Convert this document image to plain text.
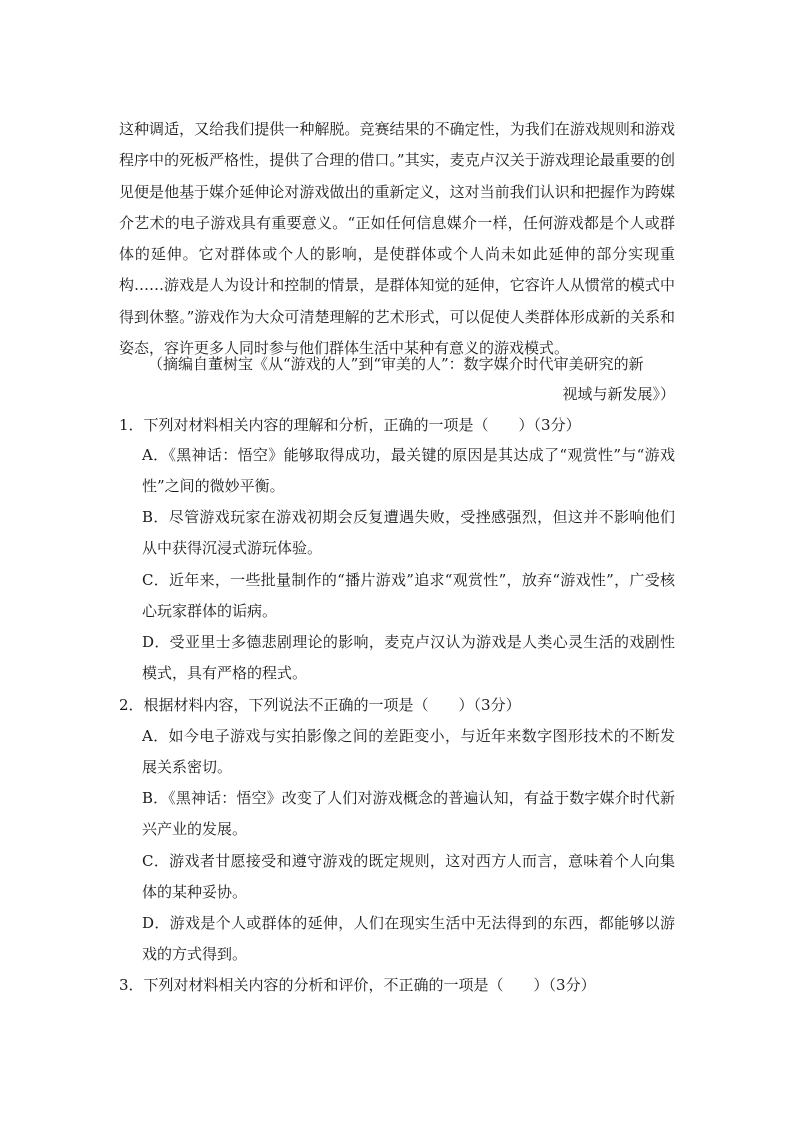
这种调适，又给我们提供一种解脱。竞赛结果的不确定性，为我们在游戏规则和游戏程序中的死板严格性，提供了合理的借口。”其实，麦克卢汉关于游戏理论最重要的创见便是他基于媒介延伸论对游戏做出的重新定义，这对当前我们认识和把握作为跨媒介艺术的电子游戏具有重要意义。“正如任何信息媒介一样，任何游戏都是个人或群体的延伸。它对群体或个人的影响，是使群体或个人尚未如此延伸的部分实现重构……游戏是人为设计和控制的情景，是群体知觉的延伸，它容许人从惯常的模式中得到休整。”游戏作为大众可清楚理解的艺术形式，可以促使人类群体形成新的关系和姿态，容许更多人同时参与他们群体生活中某种有意义的游戏模式。

（摘编自董树宝《从“游戏的人”到“审美的人”：数字媒介时代审美研究的新
视域与新发展》）
1．下列对材料相关内容的理解和分析，正确的一项是（　　）（3分）
A．《黑神话：悟空》能够取得成功，最关键的原因是其达成了“观赏性”与“游戏性”之间的微妙平衡。
B．尽管游戏玩家在游戏初期会反复遭遇失败，受挫感强烈，但这并不影响他们从中获得沉浸式游玩体验。
C．近年来，一些批量制作的“播片游戏”追求“观赏性”，放弃“游戏性”，广受核心玩家群体的诟病。
D．受亚里士多德悲剧理论的影响，麦克卢汉认为游戏是人类心灵生活的戏剧性模式，具有严格的程式。
2．根据材料内容，下列说法不正确的一项是（　　）（3分）
A．如今电子游戏与实拍影像之间的差距变小，与近年来数字图形技术的不断发展关系密切。
B．《黑神话：悟空》改变了人们对游戏概念的普遍认知，有益于数字媒介时代新兴产业的发展。
C．游戏者甘愿接受和遵守游戏的既定规则，这对西方人而言，意味着个人向集体的某种妥协。
D．游戏是个人或群体的延伸，人们在现实生活中无法得到的东西，都能够以游戏的方式得到。
3．下列对材料相关内容的分析和评价，不正确的一项是（　　）（3分）
